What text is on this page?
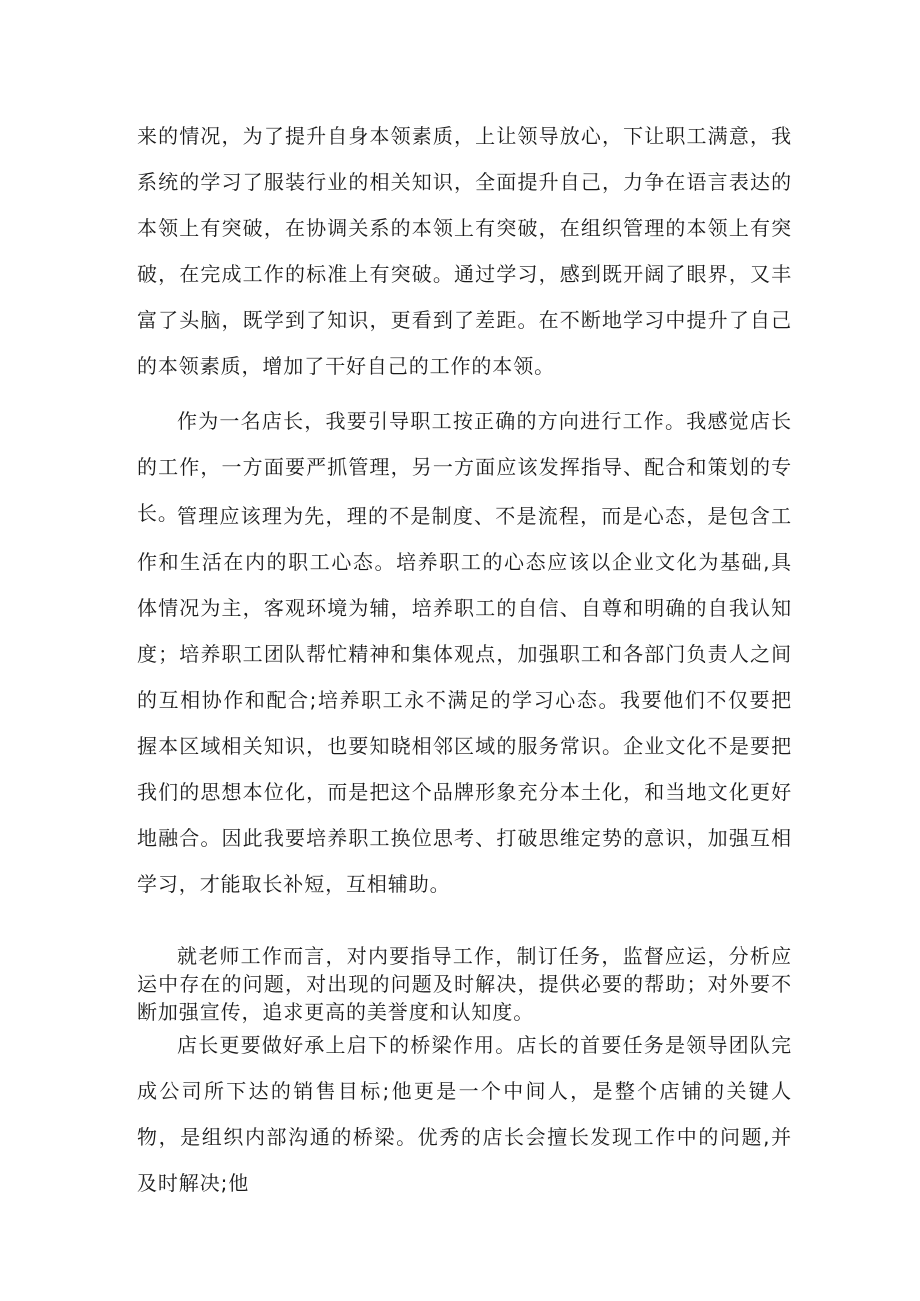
来的情况，为了提升自身本领素质，上让领导放心，下让职工满意，我系统的学习了服装行业的相关知识，全面提升自己，力争在语言表达的本领上有突破，在协调关系的本领上有突破，在组织管理的本领上有突破，在完成工作的标准上有突破。通过学习，感到既开阔了眼界，又丰富了头脑，既学到了知识，更看到了差距。在不断地学习中提升了自己的本领素质，增加了干好自己的工作的本领。

作为一名店长，我要引导职工按正确的方向进行工作。我感觉店长的工作，一方面要严抓管理，另一方面应该发挥指导、配合和策划的专长。

管理应该理为先，理的不是制度、不是流程，而是心态，是包含工作和生活在内的职工心态。培养职工的心态应该以企业文化为基础,具体情况为主，客观环境为辅，培养职工的自信、自尊和明确的自我认知度；培养职工团队帮忙精神和集体观点，加强职工和各部门负责人之间的互相协作和配合;培养职工永不满足的学习心态。我要他们不仅要把握本区域相关知识，也要知晓相邻区域的服务常识。企业文化不是要把我们的思想本位化，而是把这个品牌形象充分本土化，和当地文化更好地融合。因此我要培养职工换位思考、打破思维定势的意识，加强互相学习，才能取长补短，互相辅助。

就老师工作而言，对内要指导工作，制订任务，监督应运，分析应运中存在的问题，对出现的问题及时解决，提供必要的帮助；对外要不断加强宣传，追求更高的美誉度和认知度。

店长更要做好承上启下的桥梁作用。店长的首要任务是领导团队完成公司所下达的销售目标;他更是一个中间人，是整个店铺的关键人物，是组织内部沟通的桥梁。优秀的店长会擅长发现工作中的问题,并及时解决;他
